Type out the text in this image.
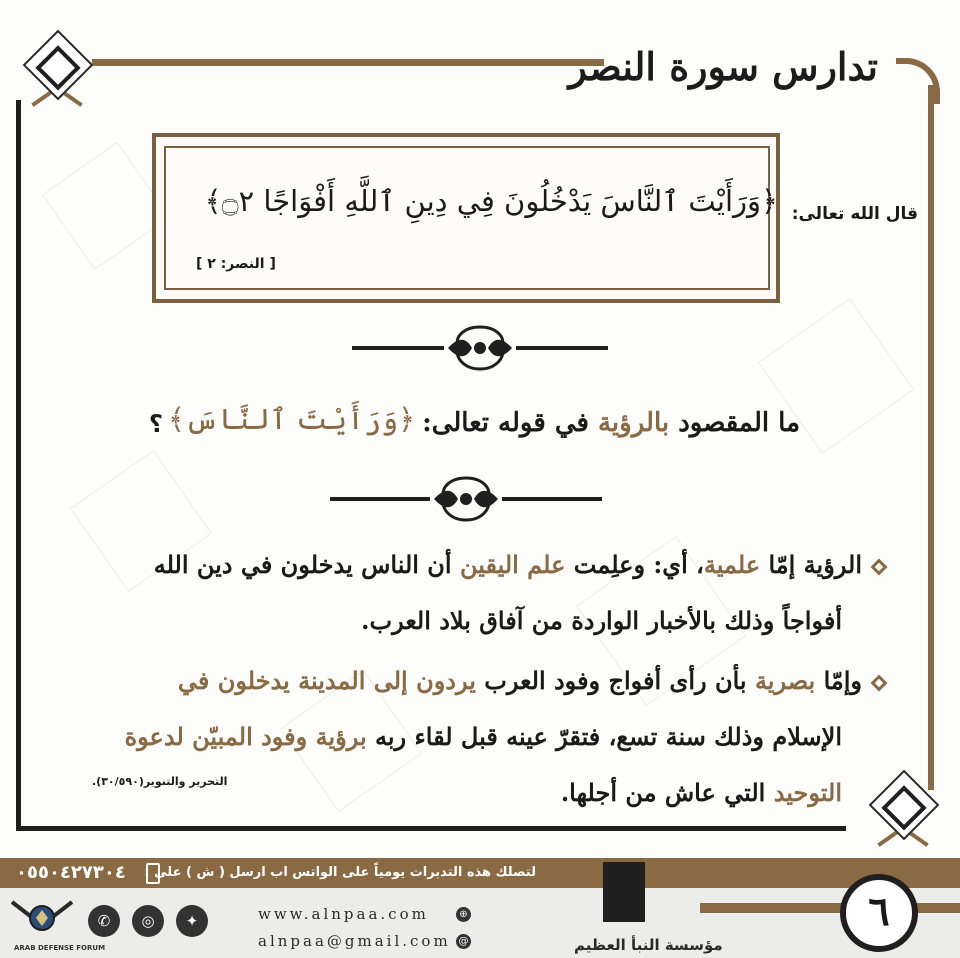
تدارس سورة النصر
قال الله تعالى:
﴿وَرَأَيْتَ ٱلنَّاسَ يَدْخُلُونَ فِي دِينِ ٱللَّهِ أَفْوَاجًا ۝٢﴾
[ النصر: ٢ ]
ما المقصود بالرؤية في قوله تعالى:
﴿وَرَأَيْتَ ٱلنَّاسَ﴾
؟
الرؤية إمّا علمية، أي: وعلِمت علم اليقين أن الناس يدخلون في دين الله
أفواجاً وذلك بالأخبار الواردة من آفاق بلاد العرب.
وإمّا بصرية بأن رأى أفواج وفود العرب يردون إلى المدينة يدخلون في
الإسلام وذلك سنة تسع، فتقرّ عينه قبل لقاء ربه برؤية وفود المبيّن لدعوة
التوحيد التي عاش من أجلها.
التحرير والتنوير(٣٠/٥٩٠).
لتصلك هذه التدبرات يومياً على الواتس اب ارسل ( ش ) على :
٠٥٥٠٤٢٧٣٠٤
ARAB DEFENSE FORUM
✆	◎	✦	www.alnpaa.com	⊕
alnpaa@gmail.com @	مؤسسة النبأ العظيم
٦
